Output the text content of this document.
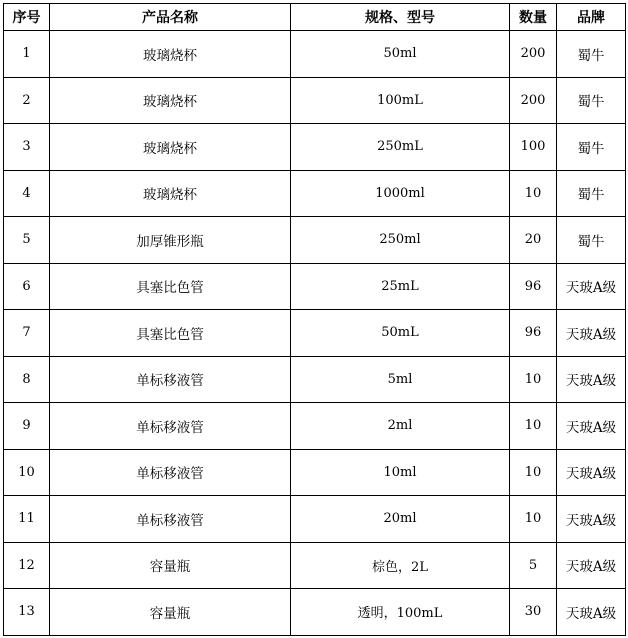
序号	产品名称	规格、型号	数量	品牌
1	玻璃烧杯	50ml	200	蜀牛
2	玻璃烧杯	100mL	200	蜀牛
3	玻璃烧杯	250mL	100	蜀牛
4	玻璃烧杯	1000ml	10	蜀牛
5	加厚锥形瓶	250ml	20	蜀牛
6	具塞比色管	25mL	96	天玻A级
7	具塞比色管	50mL	96	天玻A级
8	单标移液管	5ml	10	天玻A级
9	单标移液管	2ml	10	天玻A级
10	单标移液管	10ml	10	天玻A级
11	单标移液管	20ml	10	天玻A级
12	容量瓶	棕色，2L	5	天玻A级
13	容量瓶	透明，100mL	30	天玻A级
